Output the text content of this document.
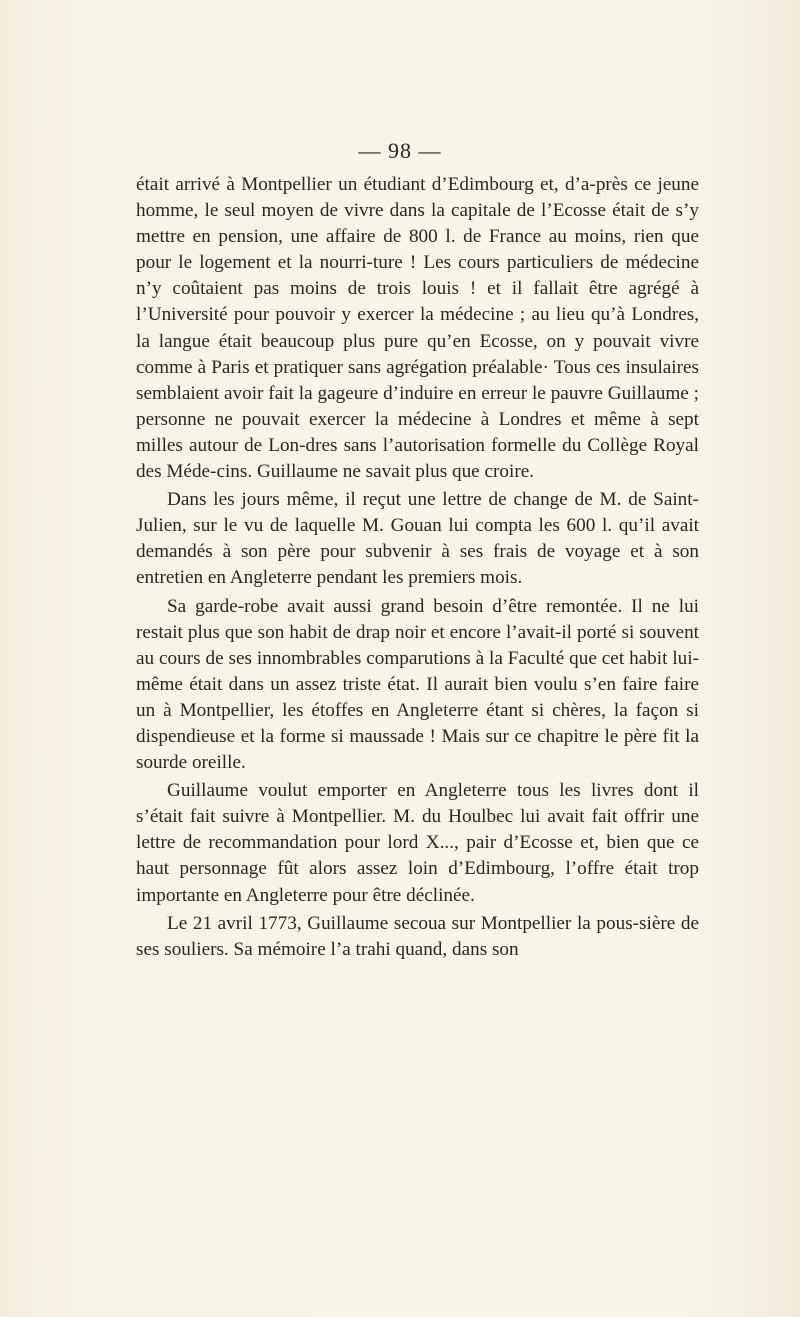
— 98 —

était arrivé à Montpellier un étudiant d’Edimbourg et, d’a-près ce jeune homme, le seul moyen de vivre dans la capitale de l’Ecosse était de s’y mettre en pension, une affaire de 800 l. de France au moins, rien que pour le logement et la nourri-ture ! Les cours particuliers de médecine n’y coûtaient pas moins de trois louis ! et il fallait être agrégé à l’Université pour pouvoir y exercer la médecine ; au lieu qu’à Londres, la langue était beaucoup plus pure qu’en Ecosse, on y pouvait vivre comme à Paris et pratiquer sans agrégation préalable· Tous ces insulaires semblaient avoir fait la gageure d’induire en erreur le pauvre Guillaume ; personne ne pouvait exercer la médecine à Londres et même à sept milles autour de Lon-dres sans l’autorisation formelle du Collège Royal des Méde-cins. Guillaume ne savait plus que croire.

Dans les jours même, il reçut une lettre de change de M. de Saint-Julien, sur le vu de laquelle M. Gouan lui compta les 600 l. qu’il avait demandés à son père pour subvenir à ses frais de voyage et à son entretien en Angleterre pendant les premiers mois.

Sa garde-robe avait aussi grand besoin d’être remontée. Il ne lui restait plus que son habit de drap noir et encore l’avait-il porté si souvent au cours de ses innombrables comparutions à la Faculté que cet habit lui-même était dans un assez triste état. Il aurait bien voulu s’en faire faire un à Montpellier, les étoffes en Angleterre étant si chères, la façon si dispendieuse et la forme si maussade ! Mais sur ce chapitre le père fit la sourde oreille.

Guillaume voulut emporter en Angleterre tous les livres dont il s’était fait suivre à Montpellier. M. du Houlbec lui avait fait offrir une lettre de recommandation pour lord X..., pair d’Ecosse et, bien que ce haut personnage fût alors assez loin d’Edimbourg, l’offre était trop importante en Angleterre pour être déclinée.

Le 21 avril 1773, Guillaume secoua sur Montpellier la pous-sière de ses souliers. Sa mémoire l’a trahi quand, dans son
